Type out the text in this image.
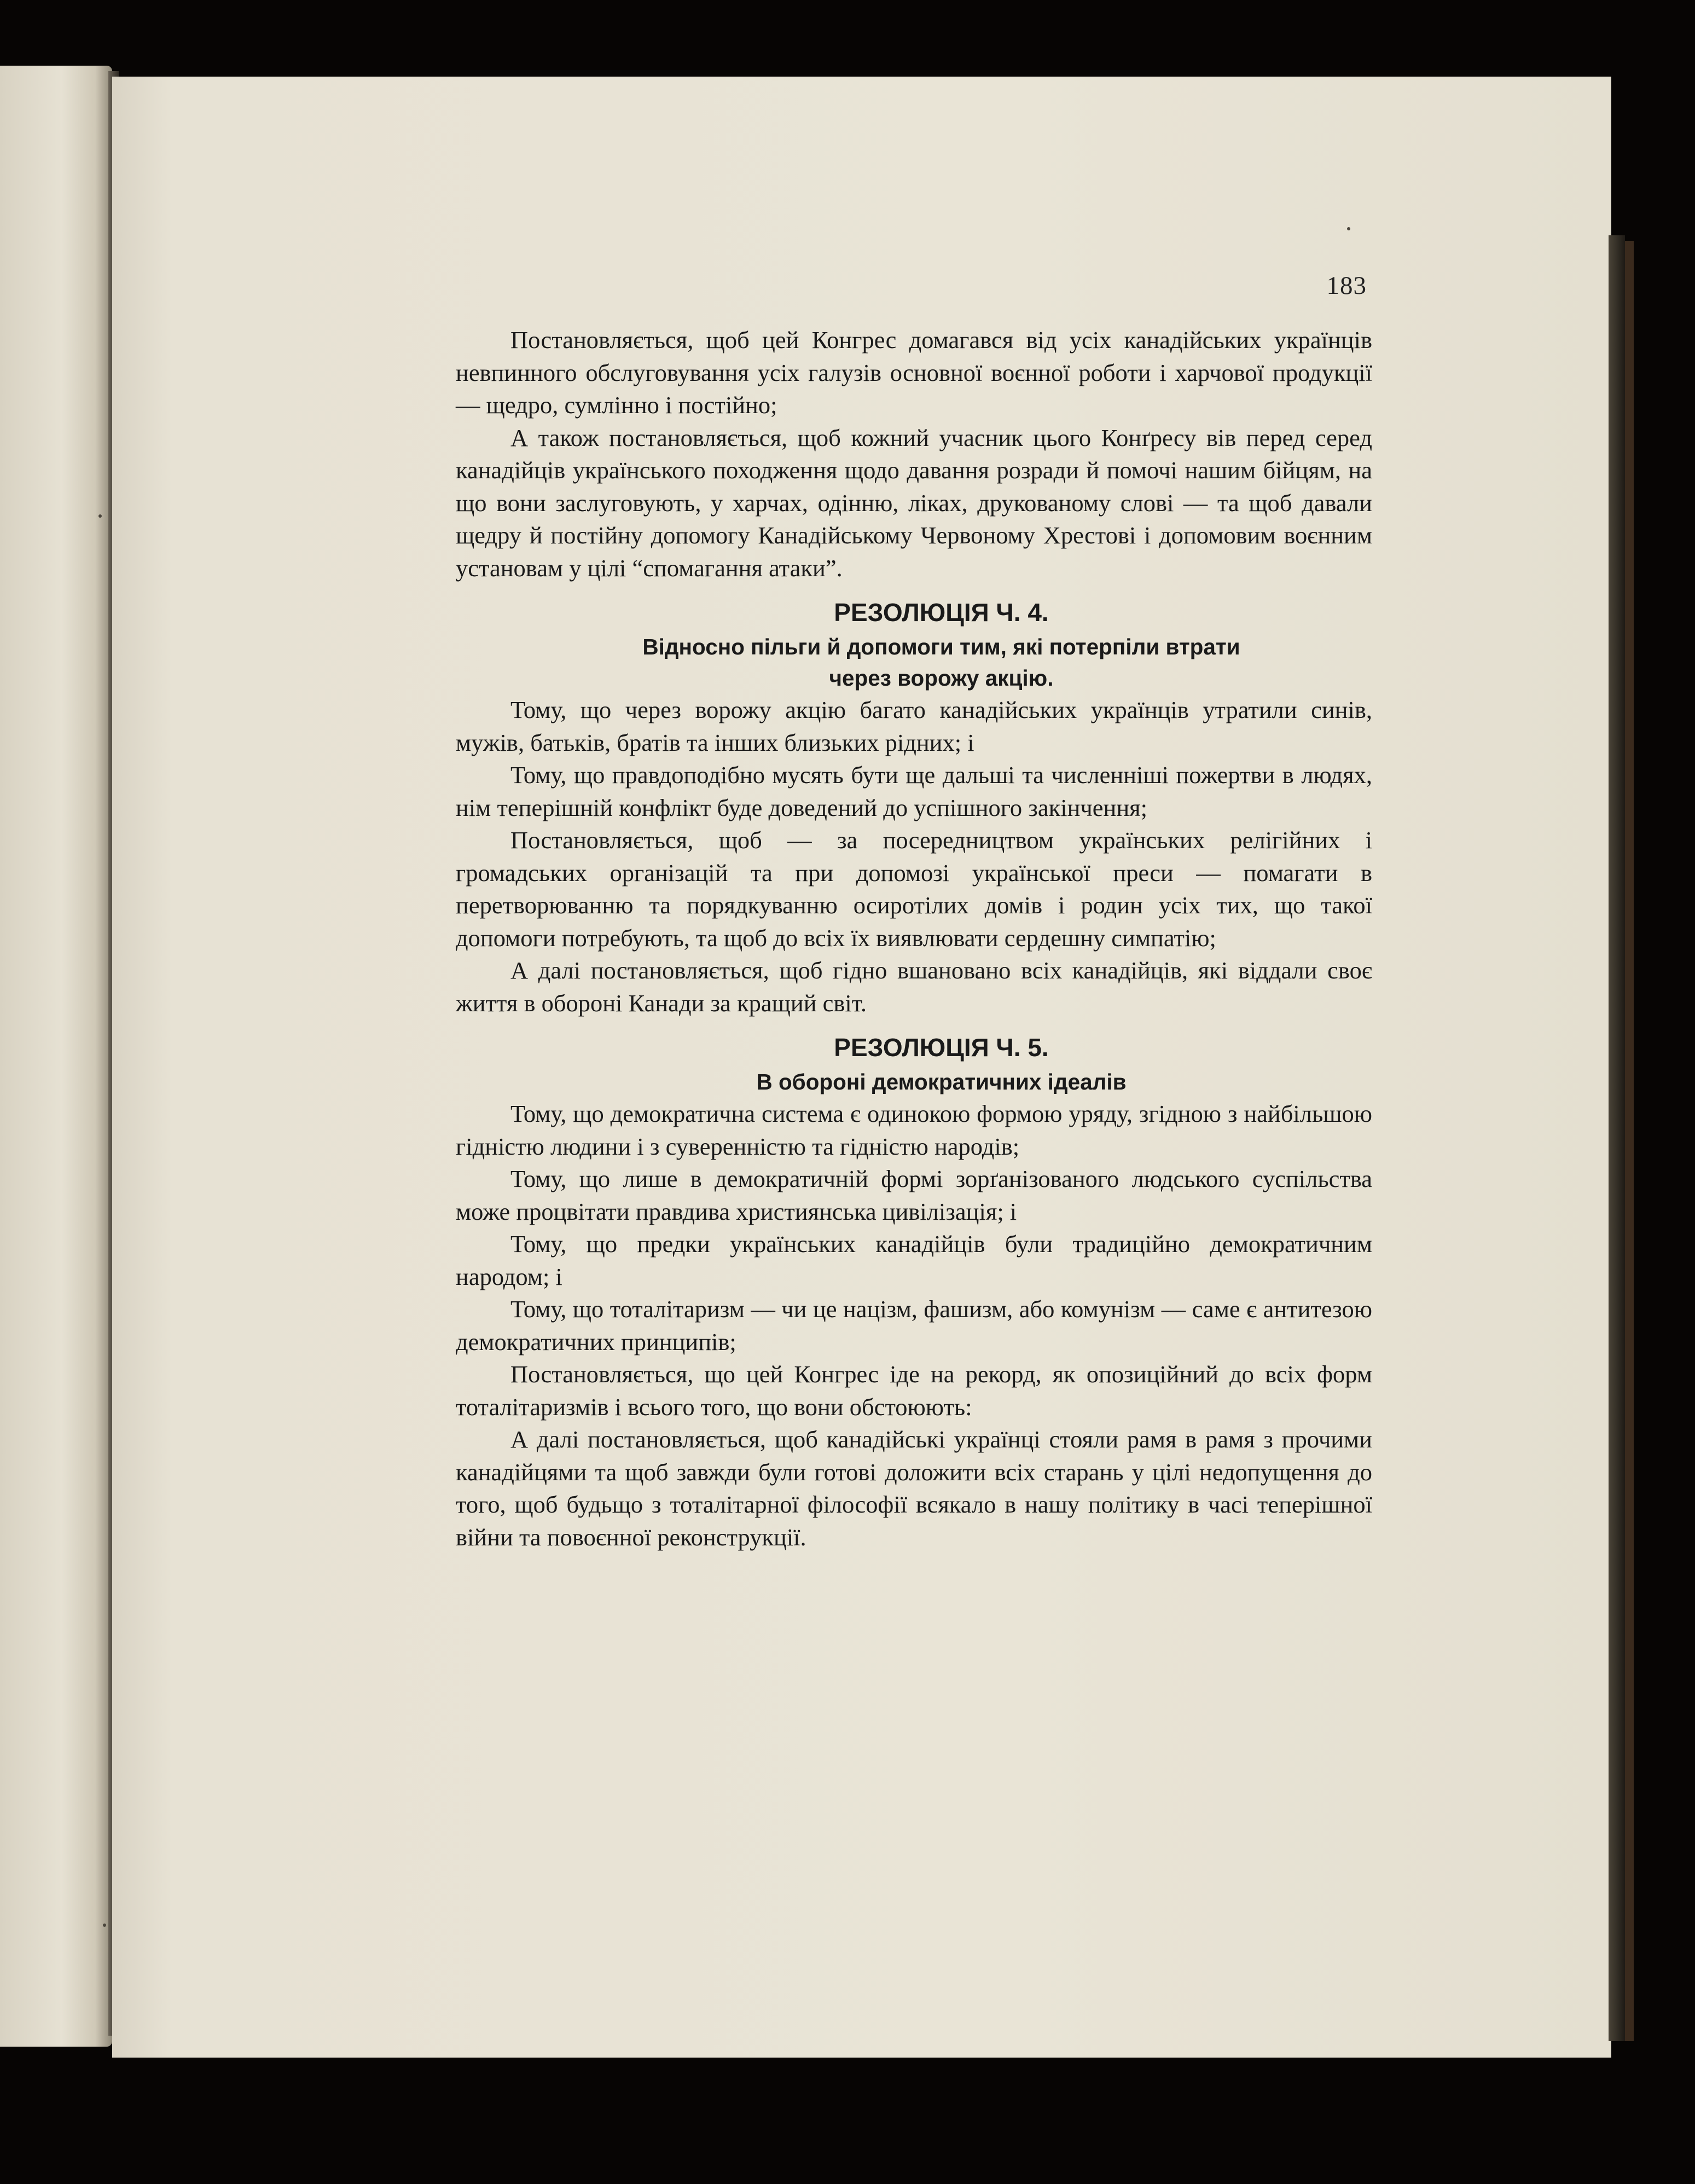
183

Постановляється, щоб цей Конгрес домагався від усіх канадійських українців невпинного обслуговування усіх галузів основної воєнної роботи і харчової продукції — щедро, сумлінно і постійно;

А також постановляється, щоб кожний учасник цього Конґресу вів перед серед канадійців українського походження щодо давання розради й помочі нашим бійцям, на що вони заслуговують, у харчах, одінню, ліках, друкованому слові — та щоб давали щедру й постійну допомогу Канадійському Червоному Хрестові і допомовим воєнним установам у цілі “спомагання атаки”.

РЕЗОЛЮЦІЯ Ч. 4.

Відносно пільги й допомоги тим, які потерпіли втрати

через ворожу акцію.

Тому, що через ворожу акцію багато канадійських українців утратили синів, мужів, батьків, братів та інших близьких рідних; і

Тому, що правдоподібно мусять бути ще дальші та численніші пожертви в людях, нім теперішній конфлікт буде доведений до успішного закінчення;

Постановляється, щоб — за посередництвом українських релігійних і громадських організацій та при допомозі української преси — помагати в перетворюванню та порядкуванню осиротілих домів і родин усіх тих, що такої допомоги потребують, та щоб до всіх їх виявлювати сердешну симпатію;

А далі постановляється, щоб гідно вшановано всіх канадійців, які віддали своє життя в обороні Канади за кращий світ.

РЕЗОЛЮЦІЯ Ч. 5.

В обороні демократичних ідеалів

Тому, що демократична система є одинокою формою уряду, згідною з найбільшою гідністю людини і з суверенністю та гідністю народів;

Тому, що лише в демократичній формі зорґанізованого людського суспільства може процвітати правдива християнська цивілізація; і

Тому, що предки українських канадійців були традиційно демократичним народом; і

Тому, що тоталітаризм — чи це націзм, фашизм, або комунізм — саме є антитезою демократичних принципів;

Постановляється, що цей Конгрес іде на рекорд, як опозиційний до всіх форм тоталітаризмів і всього того, що вони обстоюють:

А далі постановляється, щоб канадійські українці стояли рамя в рамя з прочими канадійцями та щоб завжди були готові доложити всіх старань у цілі недопущення до того, щоб будьщо з тоталітарної філософії всякало в нашу політику в часі теперішної війни та повоєнної реконструкції.
